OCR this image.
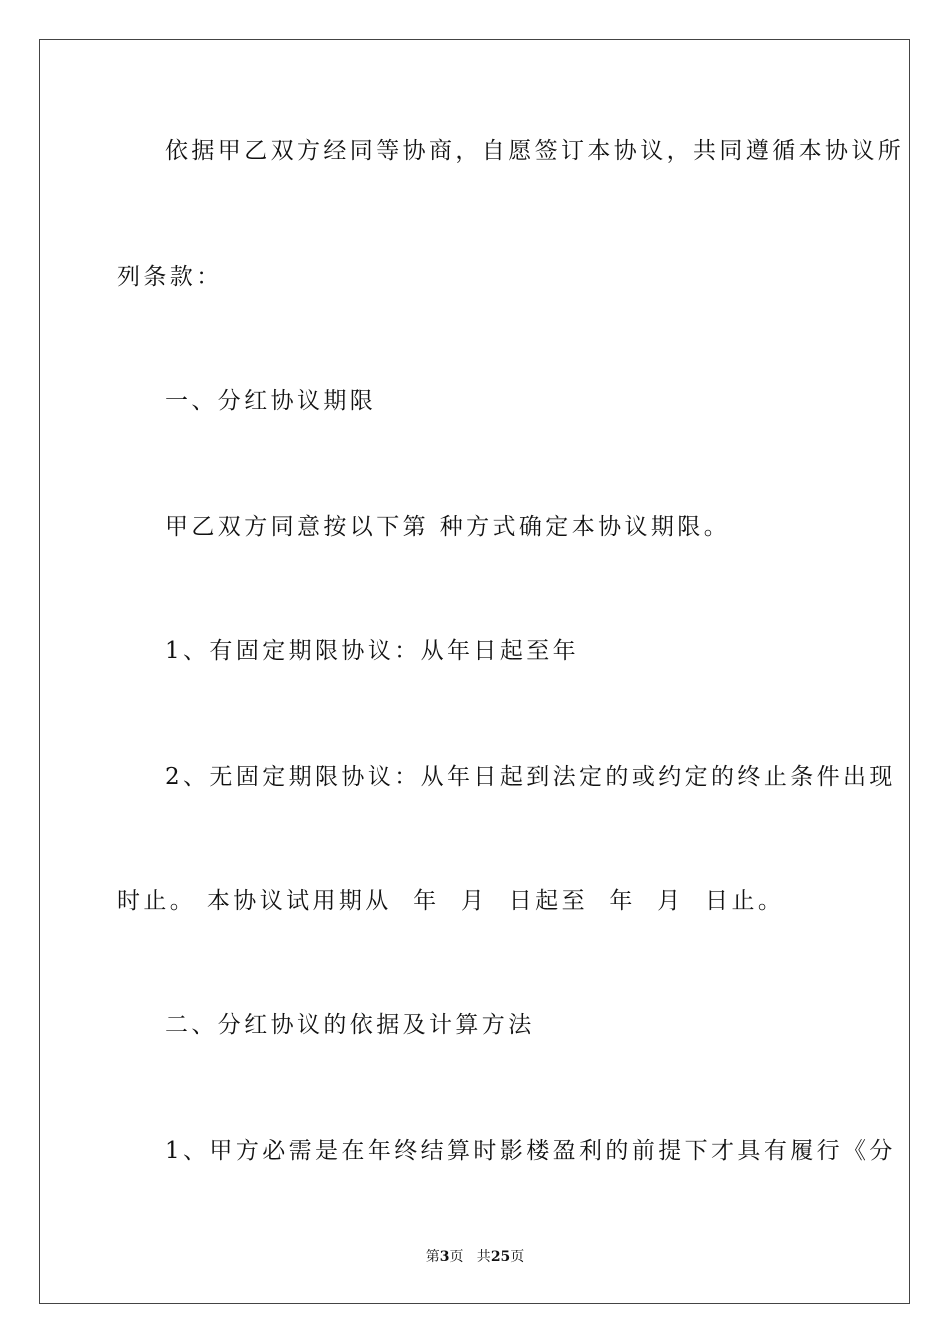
依据甲乙双方经同等协商，自愿签订本协议，共同遵循本协议所
列条款：
一、分红协议期限
甲乙双方同意按以下第 种方式确定本协议期限。
1、有固定期限协议：从年日起至年
2、无固定期限协议：从年日起到法定的或约定的终止条件出现
时止。 本协议试用期从  年  月  日起至  年  月  日止。
二、分红协议的依据及计算方法
1、甲方必需是在年终结算时影楼盈利的前提下才具有履行《分
第3页   共25页
